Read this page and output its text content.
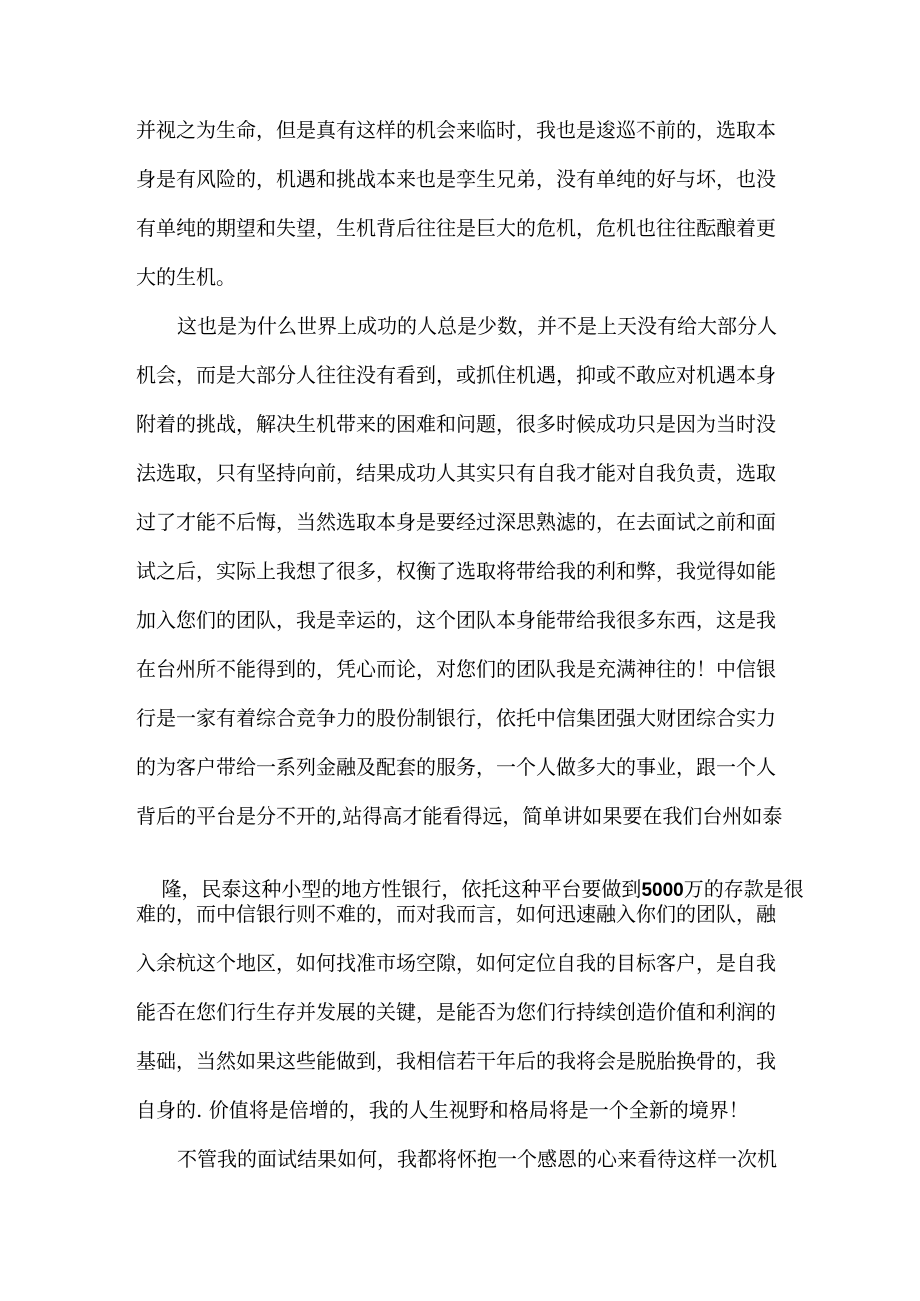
并视之为生命，但是真有这样的机会来临时，我也是逡巡不前的，选取本
身是有风险的，机遇和挑战本来也是孪生兄弟，没有单纯的好与坏，也没
有单纯的期望和失望，生机背后往往是巨大的危机，危机也往往酝酿着更
大的生机。
这也是为什么世界上成功的人总是少数，并不是上天没有给大部分人
机会，而是大部分人往往没有看到，或抓住机遇，抑或不敢应对机遇本身
附着的挑战，解决生机带来的困难和问题，很多时候成功只是因为当时没
法选取，只有坚持向前，结果成功人其实只有自我才能对自我负责，选取
过了才能不后悔，当然选取本身是要经过深思熟滤的，在去面试之前和面
试之后，实际上我想了很多，权衡了选取将带给我的利和弊，我觉得如能
加入您们的团队，我是幸运的，这个团队本身能带给我很多东西，这是我
在台州所不能得到的，凭心而论，对您们的团队我是充满神往的！中信银
行是一家有着综合竞争力的股份制银行，依托中信集团强大财团综合实力
的为客户带给一系列金融及配套的服务，一个人做多大的事业，跟一个人
背后的平台是分不开的,站得高才能看得远，简单讲如果要在我们台州如泰

隆，民泰这种小型的地方性银行，依托这种平台要做到5000万的存款是很

难的，而中信银行则不难的，而对我而言，如何迅速融入你们的团队，融
入余杭这个地区，如何找准市场空隙，如何定位自我的目标客户，是自我
能否在您们行生存并发展的关键，是能否为您们行持续创造价值和利润的
基础，当然如果这些能做到，我相信若干年后的我将会是脱胎换骨的，我
自身的. 价值将是倍增的，我的人生视野和格局将是一个全新的境界！
不管我的面试结果如何，我都将怀抱一个感恩的心来看待这样一次机
